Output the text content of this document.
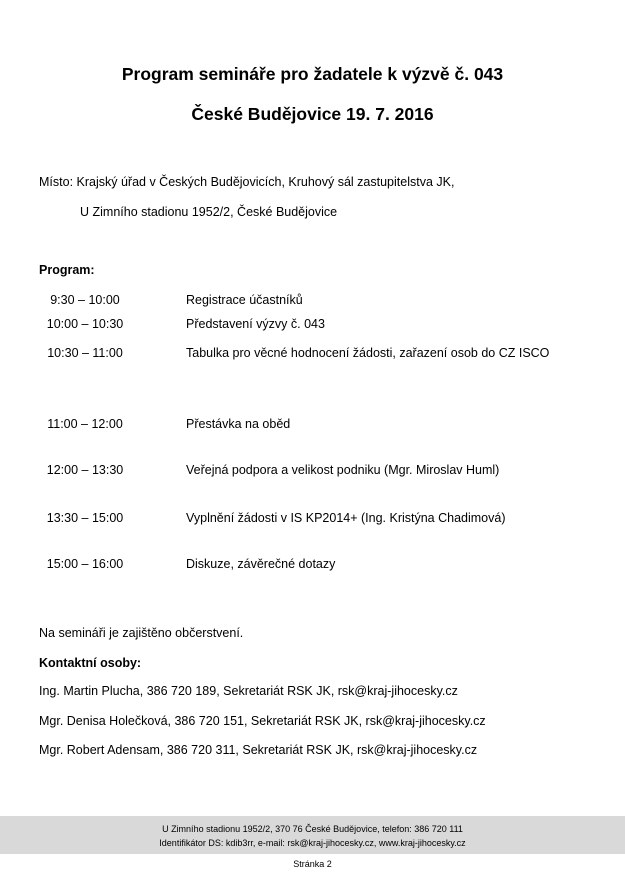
Program semináře pro žadatele k výzvě č. 043
České Budějovice 19. 7. 2016
Místo: Krajský úřad v Českých Budějovicích, Kruhový sál zastupitelstva JK,
U Zimního stadionu 1952/2, České Budějovice
Program:
9:30 – 10:00	Registrace účastníků
10:00 – 10:30	Představení výzvy č. 043
10:30 – 11:00	Tabulka pro věcné hodnocení žádosti, zařazení osob do CZ ISCO
11:00 – 12:00	Přestávka na oběd
12:00 – 13:30	Veřejná podpora a velikost podniku (Mgr. Miroslav Huml)
13:30 – 15:00	Vyplnění žádosti v IS KP2014+ (Ing. Kristýna Chadimová)
15:00 – 16:00	Diskuze, závěrečné dotazy
Na semináři je zajištěno občerstvení.
Kontaktní osoby:
Ing. Martin Plucha, 386 720 189, Sekretariát RSK JK, rsk@kraj-jihocesky.cz
Mgr. Denisa Holečková, 386 720 151, Sekretariát RSK JK, rsk@kraj-jihocesky.cz
Mgr. Robert Adensam, 386 720 311, Sekretariát RSK JK, rsk@kraj-jihocesky.cz
U Zimního stadionu 1952/2, 370 76 České Budějovice, telefon: 386 720 111
Identifikátor DS: kdib3rr, e-mail: rsk@kraj-jihocesky.cz, www.kraj-jihocesky.cz
Stránka 2
